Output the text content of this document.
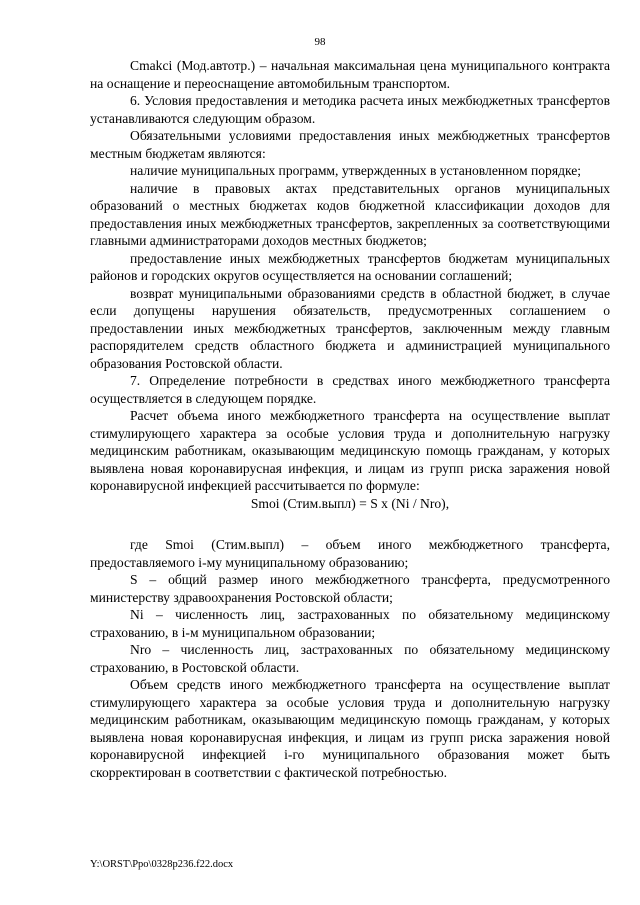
98

Cmakci (Мод.автотр.) – начальная максимальная цена муниципального контракта на оснащение и переоснащение автомобильным транспортом.

6. Условия предоставления и методика расчета иных межбюджетных трансфертов устанавливаются следующим образом.

Обязательными условиями предоставления иных межбюджетных трансфертов местным бюджетам являются:

наличие муниципальных программ, утвержденных в установленном порядке;

наличие в правовых актах представительных органов муниципальных образований о местных бюджетах кодов бюджетной классификации доходов для предоставления иных межбюджетных трансфертов, закрепленных за соответствующими главными администраторами доходов местных бюджетов;

предоставление иных межбюджетных трансфертов бюджетам муниципальных районов и городских округов осуществляется на основании соглашений;

возврат муниципальными образованиями средств в областной бюджет, в случае если допущены нарушения обязательств, предусмотренных соглашением о предоставлении иных межбюджетных трансфертов, заключенным между главным распорядителем средств областного бюджета и администрацией муниципального образования Ростовской области.

7. Определение потребности в средствах иного межбюджетного трансферта осуществляется в следующем порядке.

Расчет объема иного межбюджетного трансферта на осуществление выплат стимулирующего характера за особые условия труда и дополнительную нагрузку медицинским работникам, оказывающим медицинскую помощь гражданам, у которых выявлена новая коронавирусная инфекция, и лицам из групп риска заражения новой коронавирусной инфекцией рассчитывается по формуле:

Smoi (Стим.выпл) = S x (Ni / Nro),

где Smoi (Стим.выпл) – объем иного межбюджетного трансферта, предоставляемого i-му муниципальному образованию;

S – общий размер иного межбюджетного трансферта, предусмотренного министерству здравоохранения Ростовской области;

Ni – численность лиц, застрахованных по обязательному медицинскому страхованию, в i-м муниципальном образовании;

Nro – численность лиц, застрахованных по обязательному медицинскому страхованию, в Ростовской области.

Объем средств иного межбюджетного трансферта на осуществление выплат стимулирующего характера за особые условия труда и дополнительную нагрузку медицинским работникам, оказывающим медицинскую помощь гражданам, у которых выявлена новая коронавирусная инфекция, и лицам из групп риска заражения новой коронавирусной инфекцией i-го муниципального образования может быть скорректирован в соответствии с фактической потребностью.

Y:\ORST\Ppo\0328p236.f22.docx
